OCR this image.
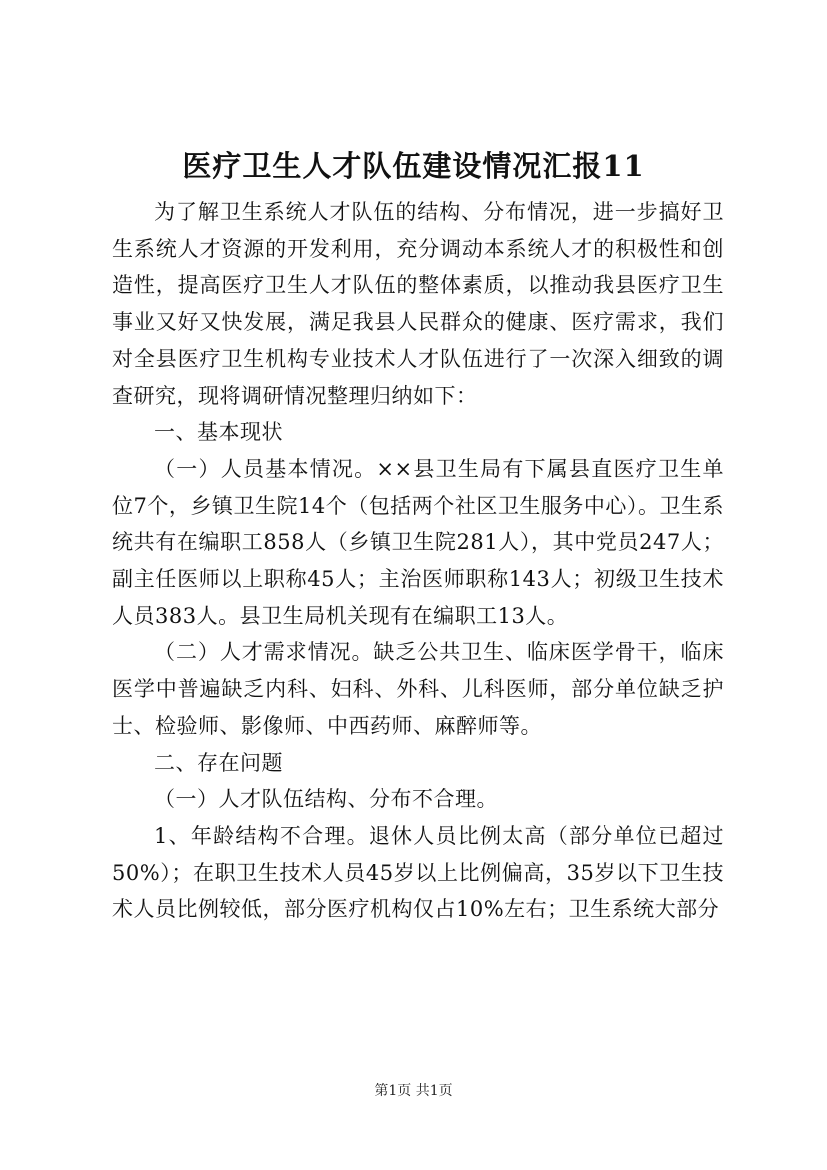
医疗卫生人才队伍建设情况汇报11

为了解卫生系统人才队伍的结构、分布情况，进一步搞好卫生系统人才资源的开发利用，充分调动本系统人才的积极性和创造性，提高医疗卫生人才队伍的整体素质，以推动我县医疗卫生事业又好又快发展，满足我县人民群众的健康、医疗需求，我们对全县医疗卫生机构专业技术人才队伍进行了一次深入细致的调查研究，现将调研情况整理归纳如下：

一、基本现状

（一）人员基本情况。××县卫生局有下属县直医疗卫生单位7个，乡镇卫生院14个（包括两个社区卫生服务中心）。卫生系统共有在编职工858人（乡镇卫生院281人），其中党员247人；副主任医师以上职称45人；主治医师职称143人；初级卫生技术人员383人。县卫生局机关现有在编职工13人。

（二）人才需求情况。缺乏公共卫生、临床医学骨干，临床医学中普遍缺乏内科、妇科、外科、儿科医师，部分单位缺乏护士、检验师、影像师、中西药师、麻醉师等。

二、存在问题

（一）人才队伍结构、分布不合理。

1、年龄结构不合理。退休人员比例太高（部分单位已超过50%）；在职卫生技术人员45岁以上比例偏高，35岁以下卫生技术人员比例较低，部分医疗机构仅占10%左右；卫生系统大部分

第1页 共1页
